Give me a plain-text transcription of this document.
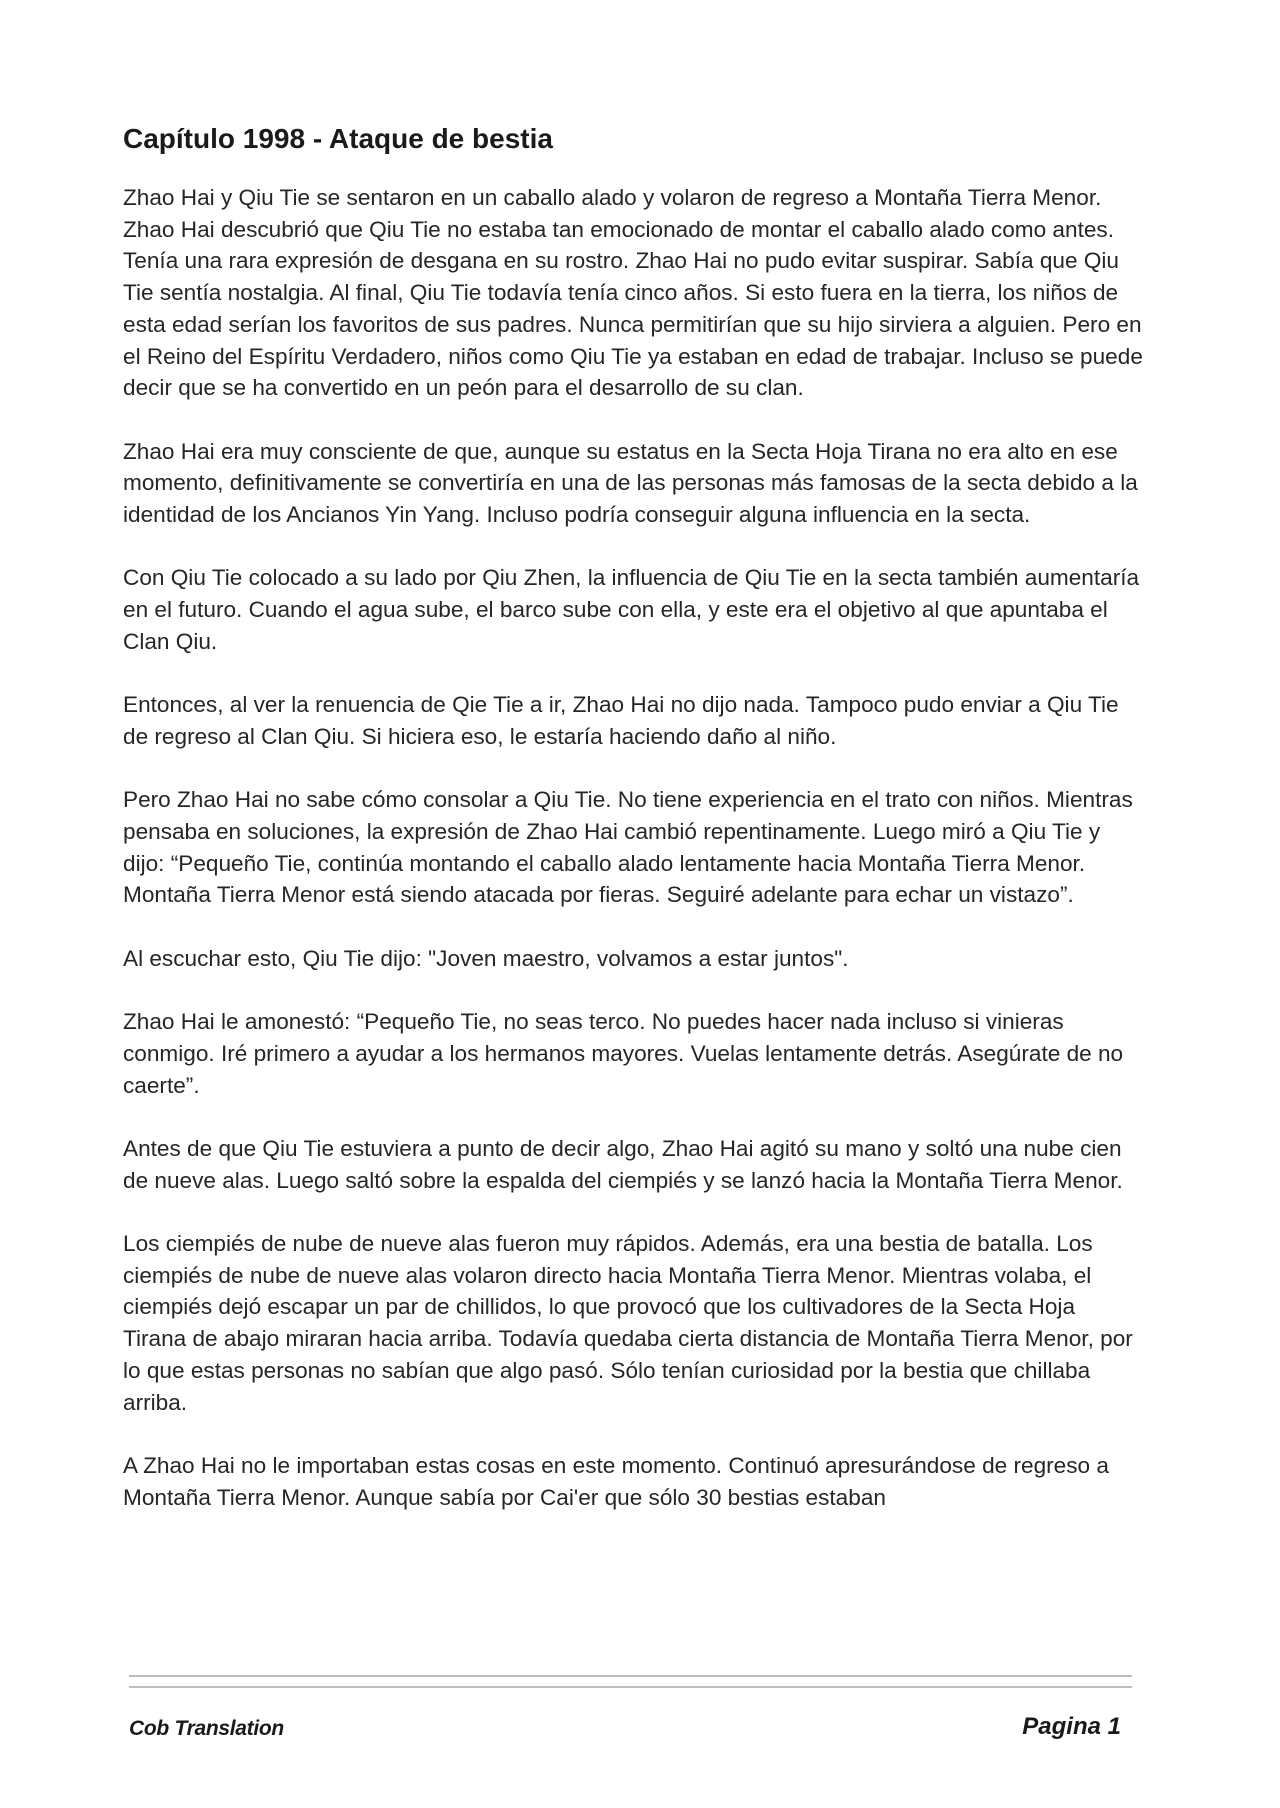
Capítulo 1998 - Ataque de bestia

Zhao Hai y Qiu Tie se sentaron en un caballo alado y volaron de regreso a Montaña Tierra Menor. Zhao Hai descubrió que Qiu Tie no estaba tan emocionado de montar el caballo alado como antes. Tenía una rara expresión de desgana en su rostro. Zhao Hai no pudo evitar suspirar. Sabía que Qiu Tie sentía nostalgia. Al final, Qiu Tie todavía tenía cinco años. Si esto fuera en la tierra, los niños de esta edad serían los favoritos de sus padres. Nunca permitirían que su hijo sirviera a alguien. Pero en el Reino del Espíritu Verdadero, niños como Qiu Tie ya estaban en edad de trabajar. Incluso se puede decir que se ha convertido en un peón para el desarrollo de su clan.

Zhao Hai era muy consciente de que, aunque su estatus en la Secta Hoja Tirana no era alto en ese momento, definitivamente se convertiría en una de las personas más famosas de la secta debido a la identidad de los Ancianos Yin Yang. Incluso podría conseguir alguna influencia en la secta.

Con Qiu Tie colocado a su lado por Qiu Zhen, la influencia de Qiu Tie en la secta también aumentaría en el futuro. Cuando el agua sube, el barco sube con ella, y este era el objetivo al que apuntaba el Clan Qiu.

Entonces, al ver la renuencia de Qie Tie a ir, Zhao Hai no dijo nada. Tampoco pudo enviar a Qiu Tie de regreso al Clan Qiu. Si hiciera eso, le estaría haciendo daño al niño.

Pero Zhao Hai no sabe cómo consolar a Qiu Tie. No tiene experiencia en el trato con niños. Mientras pensaba en soluciones, la expresión de Zhao Hai cambió repentinamente. Luego miró a Qiu Tie y dijo: “Pequeño Tie, continúa montando el caballo alado lentamente hacia Montaña Tierra Menor. Montaña Tierra Menor está siendo atacada por fieras. Seguiré adelante para echar un vistazo”.

Al escuchar esto, Qiu Tie dijo: "Joven maestro, volvamos a estar juntos".

Zhao Hai le amonestó: “Pequeño Tie, no seas terco. No puedes hacer nada incluso si vinieras conmigo. Iré primero a ayudar a los hermanos mayores. Vuelas lentamente detrás. Asegúrate de no caerte”.

Antes de que Qiu Tie estuviera a punto de decir algo, Zhao Hai agitó su mano y soltó una nube cien de nueve alas. Luego saltó sobre la espalda del ciempiés y se lanzó hacia la Montaña Tierra Menor.

Los ciempiés de nube de nueve alas fueron muy rápidos. Además, era una bestia de batalla. Los ciempiés de nube de nueve alas volaron directo hacia Montaña Tierra Menor. Mientras volaba, el ciempiés dejó escapar un par de chillidos, lo que provocó que los cultivadores de la Secta Hoja Tirana de abajo miraran hacia arriba. Todavía quedaba cierta distancia de Montaña Tierra Menor, por lo que estas personas no sabían que algo pasó. Sólo tenían curiosidad por la bestia que chillaba arriba.

A Zhao Hai no le importaban estas cosas en este momento. Continuó apresurándose de regreso a Montaña Tierra Menor. Aunque sabía por Cai'er que sólo 30 bestias estaban

Cob Translation	Pagina 1
